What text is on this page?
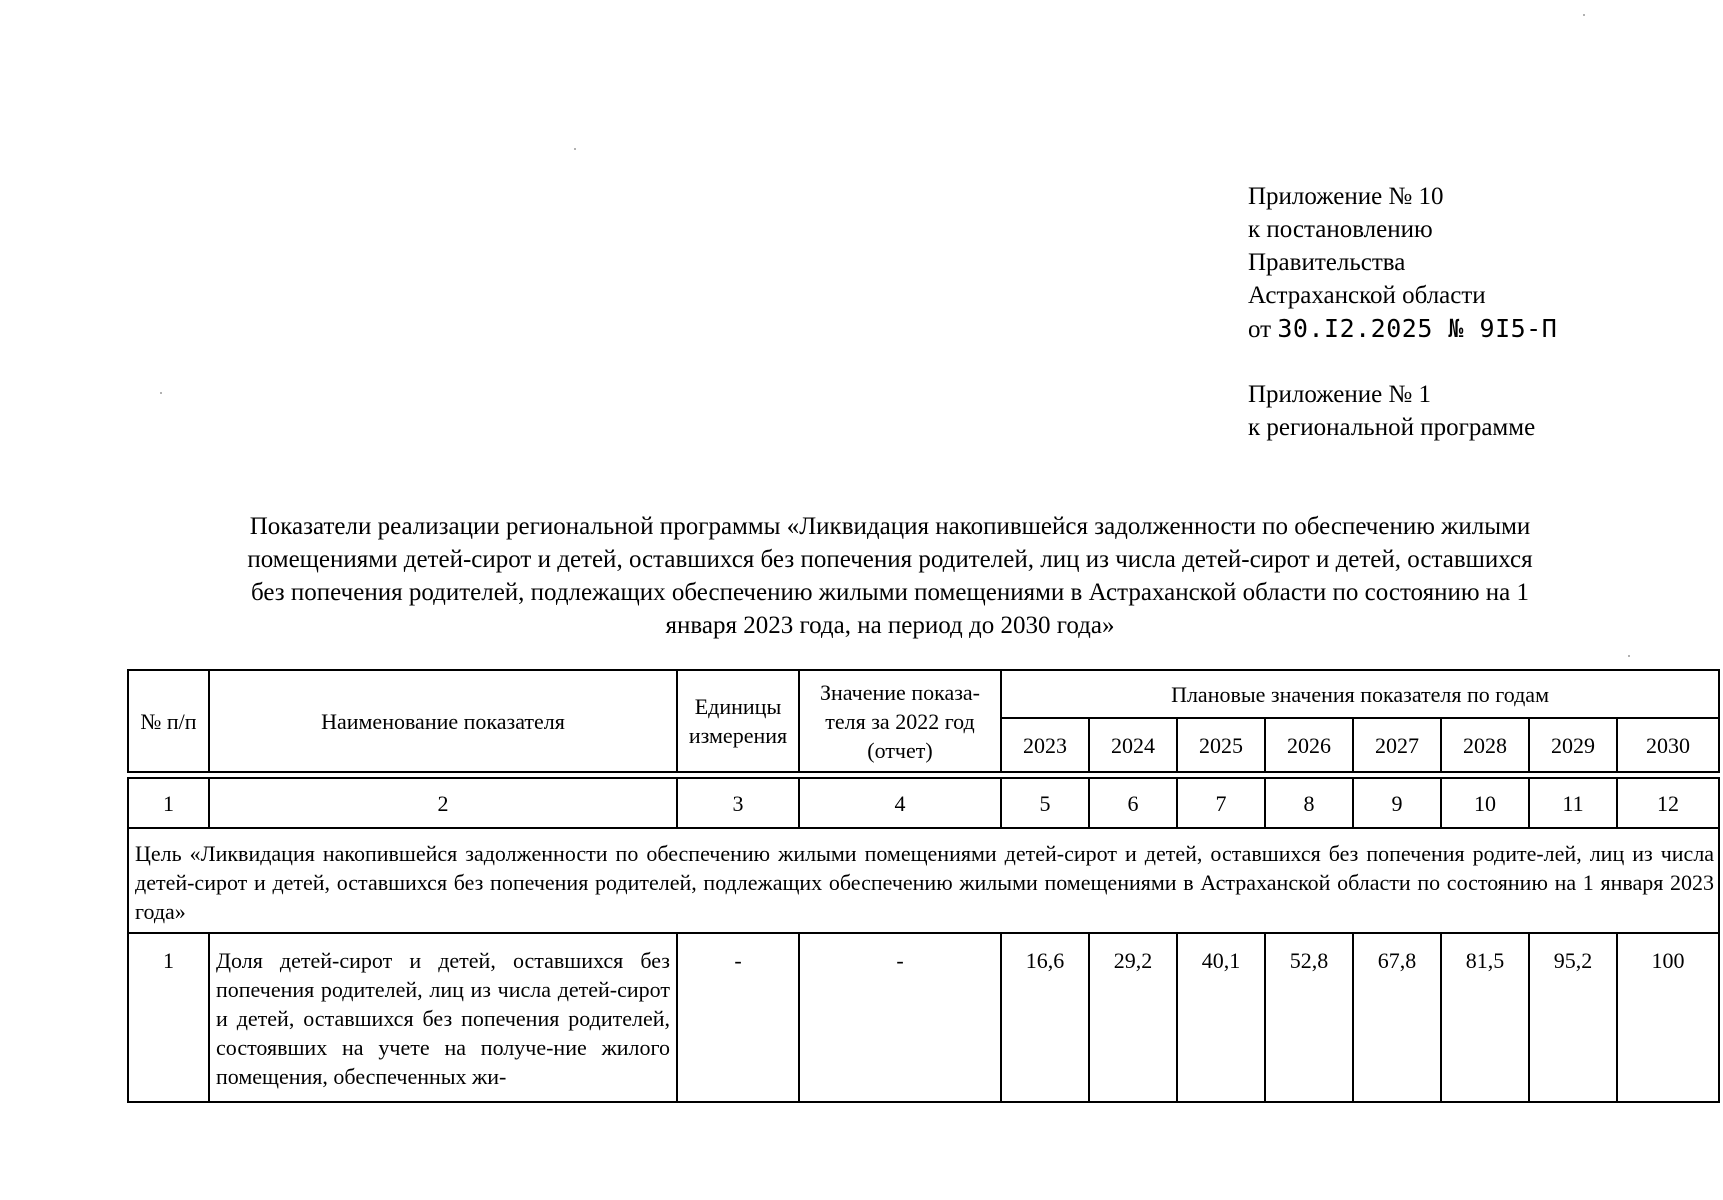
Приложение № 10
к постановлению
Правительства
Астраханской области
от 30.I2.2025 № 9I5-П
Приложение № 1
к региональной программе
Показатели реализации региональной программы «Ликвидация накопившейся задолженности по обеспечению жилыми
помещениями детей-сирот и детей, оставшихся без попечения родителей, лиц из числа детей-сирот и детей, оставшихся
без попечения родителей, подлежащих обеспечению жилыми помещениями в Астраханской области по состоянию на 1
января 2023 года, на период до 2030 года»
№ п/п	Наименование показателя	Единицы измерения	Значение показа-теля за 2022 год (отчет)	Плановые значения показателя по годам							
				2023	2024	2025	2026	2027	2028	2029	2030

1	2	3	4	5	6	7	8	9	10	11	12
Цель «Ликвидация накопившейся задолженности по обеспечению жилыми помещениями детей-сирот и детей, оставшихся без попечения родите-лей, лиц из числа детей-сирот и детей, оставшихся без попечения родителей, подлежащих обеспечению жилыми помещениями в Астраханской области по состоянию на 1 января 2023 года»											
1	Доля детей-сирот и детей, оставшихся без попечения родителей, лиц из числа детей-сирот и детей, оставшихся без попечения родителей, состоявших на учете на получе-ние жилого помещения, обеспеченных жи-	-	-	16,6	29,2	40,1	52,8	67,8	81,5	95,2	100
